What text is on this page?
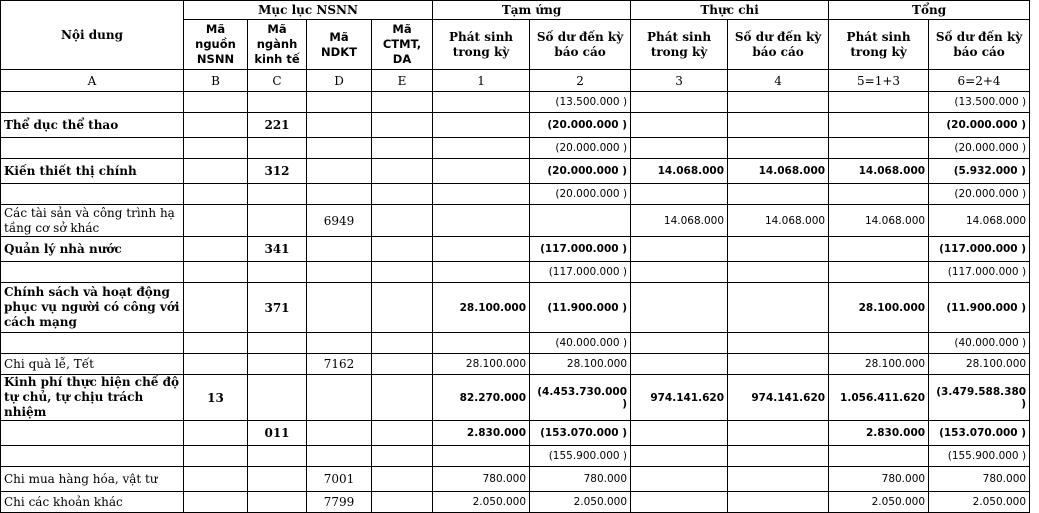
Nội dung	Mục lục NSNN				Tạm ứng		Thực chi		Tổng	
	Mã nguồn NSNN	Mã ngành kinh tế	Mã NDKT	Mã CTMT, DA	Phát sinh trong kỳ	Số dư đến kỳ báo cáo	Phát sinh trong kỳ	Số dư đến kỳ báo cáo	Phát sinh trong kỳ	Số dư đến kỳ báo cáo
A	B	C	D	E	1	2	3	4	5=1+3	6=2+4
						(13.500.000 )				(13.500.000 )
Thể dục thể thao		221				(20.000.000 )				(20.000.000 )
						(20.000.000 )				(20.000.000 )
Kiến thiết thị chính		312				(20.000.000 )	14.068.000	14.068.000	14.068.000	(5.932.000 )
						(20.000.000 )				(20.000.000 )
Các tài sản và công trình hạ tầng cơ sở khác			6949				14.068.000	14.068.000	14.068.000	14.068.000
Quản lý nhà nước		341				(117.000.000 )				(117.000.000 )
						(117.000.000 )				(117.000.000 )
Chính sách và hoạt động phục vụ người có công với cách mạng		371			28.100.000	(11.900.000 )			28.100.000	(11.900.000 )
						(40.000.000 )				(40.000.000 )
Chi quà lễ, Tết			7162		28.100.000	28.100.000			28.100.000	28.100.000
Kinh phí thực hiện chế độ tự chủ, tự chịu trách nhiệm	13				82.270.000	(4.453.730.000 )	974.141.620	974.141.620	1.056.411.620	(3.479.588.380 )
		011			2.830.000	(153.070.000 )			2.830.000	(153.070.000 )
						(155.900.000 )				(155.900.000 )
Chi mua hàng hóa, vật tư			7001		780.000	780.000			780.000	780.000
Chi các khoản khác			7799		2.050.000	2.050.000			2.050.000	2.050.000
